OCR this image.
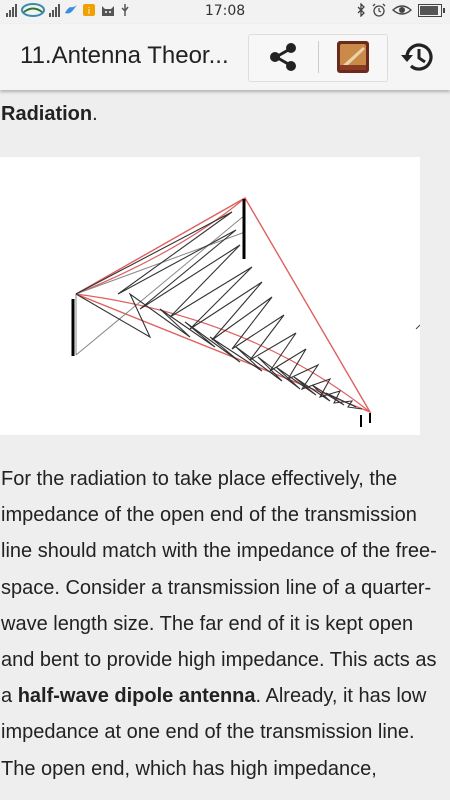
i	17:08
11.Antenna Theor...

Radiation.

For the radiation to take place effectively, the impedance of the open end of the transmission line should match with the impedance of the free-space. Consider a transmission line of a quarter-wave length size. The far end of it is kept open and bent to provide high impedance. This acts as a half-wave dipole antenna. Already, it has low impedance at one end of the transmission line. The open end, which has high impedance,
